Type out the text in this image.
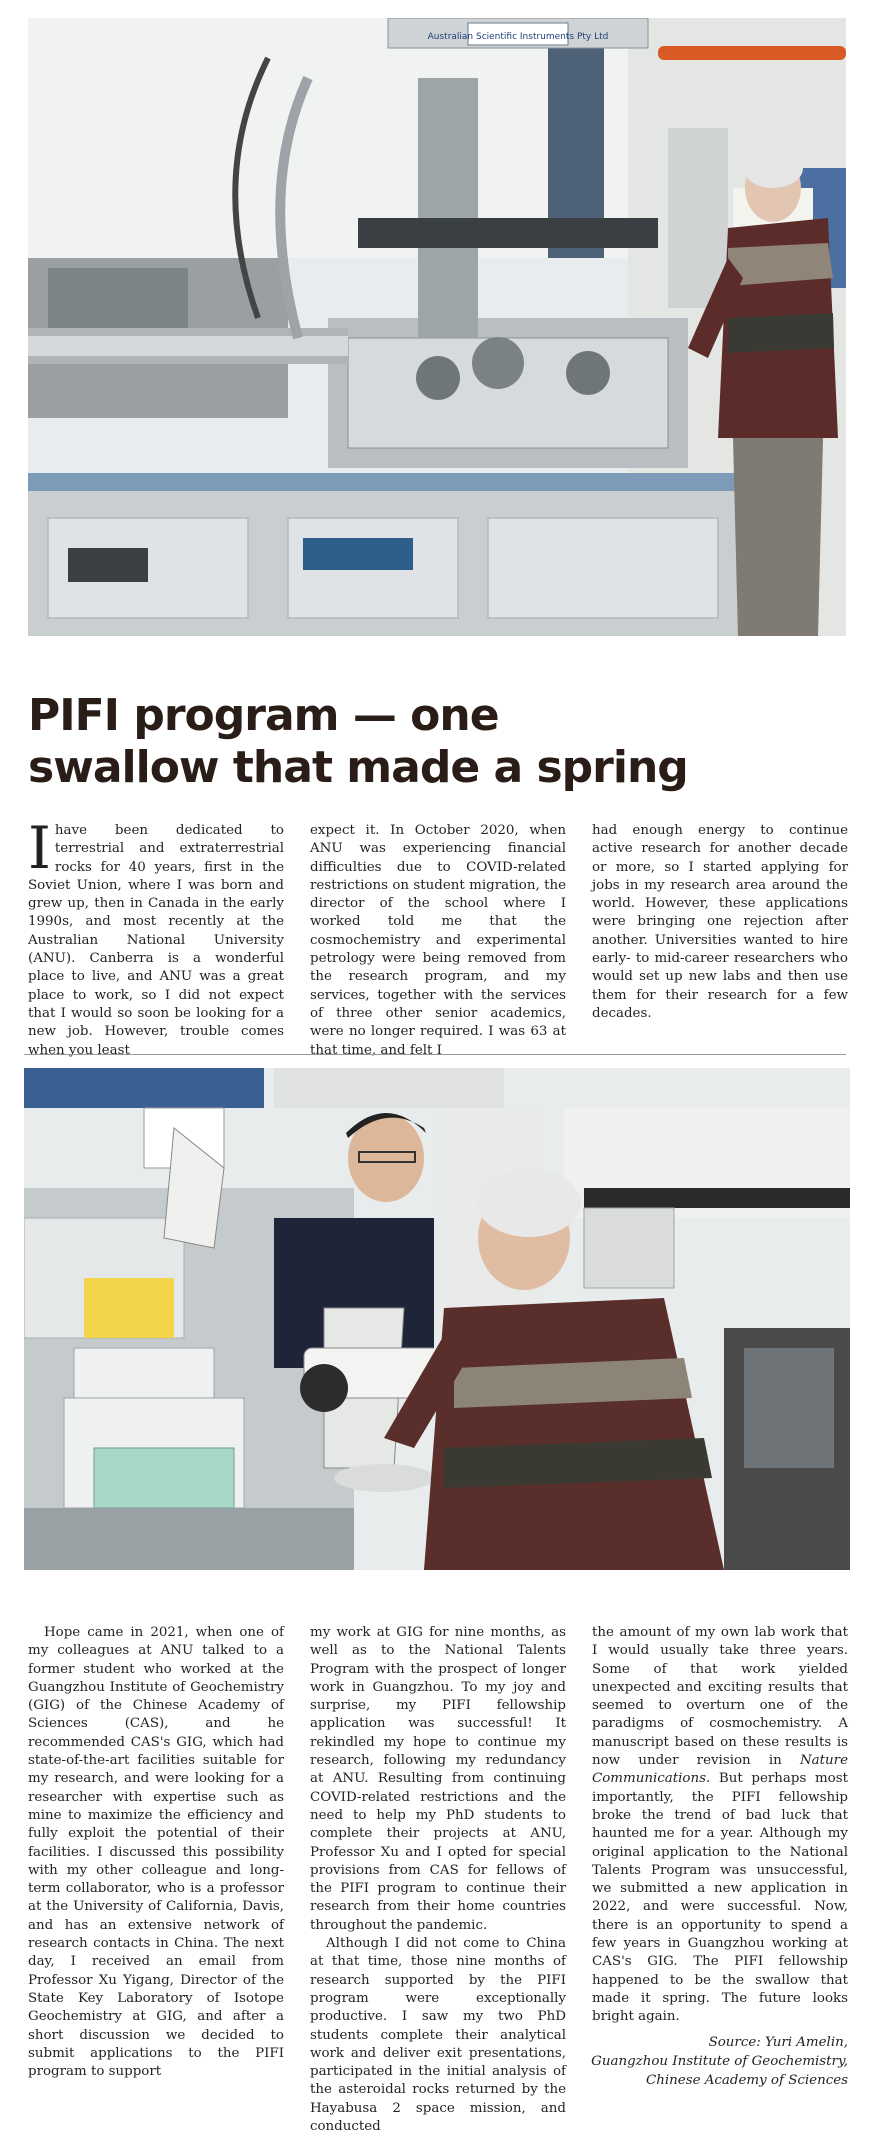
Australian Scientific Instruments Pty Ltd
PIFI program — one
swallow that made a spring

Ihave been dedicated to terrestrial and extraterrestrial rocks for 40 years, first in the Soviet Union, where I was born and grew up, then in Canada in the early 1990s, and most recently at the Australian National University (ANU). Canberra is a wonderful place to live, and ANU was a great place to work, so I did not expect that I would so soon be looking for a new job. However, trouble comes when you least

expect it. In October 2020, when ANU was experiencing financial difficulties due to COVID-related restrictions on student migration, the director of the school where I worked told me that the cosmochemistry and experimental petrology were being removed from the research program, and my services, together with the services of three other senior academics, were no longer required. I was 63 at that time, and felt I

had enough energy to continue active research for another decade or more, so I started applying for jobs in my research area around the world. However, these applications were bringing one rejection after another. Universities wanted to hire early- to mid-career researchers who would set up new labs and then use them for their research for a few decades.

Hope came in 2021, when one of my colleagues at ANU talked to a former student who worked at the Guangzhou Institute of Geochemistry (GIG) of the Chinese Academy of Sciences (CAS), and he recommended CAS's GIG, which had state-of-the-art facilities suitable for my research, and were looking for a researcher with expertise such as mine to maximize the efficiency and fully exploit the potential of their facilities. I discussed this possibility with my other colleague and long-term collaborator, who is a professor at the University of California, Davis, and has an extensive network of research contacts in China. The next day, I received an email from Professor Xu Yigang, Director of the State Key Laboratory of Isotope Geochemistry at GIG, and after a short discussion we decided to submit applications to the PIFI program to support

my work at GIG for nine months, as well as to the National Talents Program with the prospect of longer work in Guangzhou. To my joy and surprise, my PIFI fellowship application was successful! It rekindled my hope to continue my research, following my redundancy at ANU. Resulting from continuing COVID-related restrictions and the need to help my PhD students to complete their projects at ANU, Professor Xu and I opted for special provisions from CAS for fellows of the PIFI program to continue their research from their home countries throughout the pandemic.

Although I did not come to China at that time, those nine months of research supported by the PIFI program were exceptionally productive. I saw my two PhD students complete their analytical work and deliver exit presentations, participated in the initial analysis of the asteroidal rocks returned by the Hayabusa 2 space mission, and conducted

the amount of my own lab work that I would usually take three years. Some of that work yielded unexpected and exciting results that seemed to overturn one of the paradigms of cosmochemistry. A manuscript based on these results is now under revision in Nature Communications. But perhaps most importantly, the PIFI fellowship broke the trend of bad luck that haunted me for a year. Although my original application to the National Talents Program was unsuccessful, we submitted a new application in 2022, and were successful. Now, there is an opportunity to spend a few years in Guangzhou working at CAS's GIG. The PIFI fellowship happened to be the swallow that made it spring. The future looks bright again.

Source: Yuri Amelin,
Guangzhou Institute of Geochemistry,
Chinese Academy of Sciences
